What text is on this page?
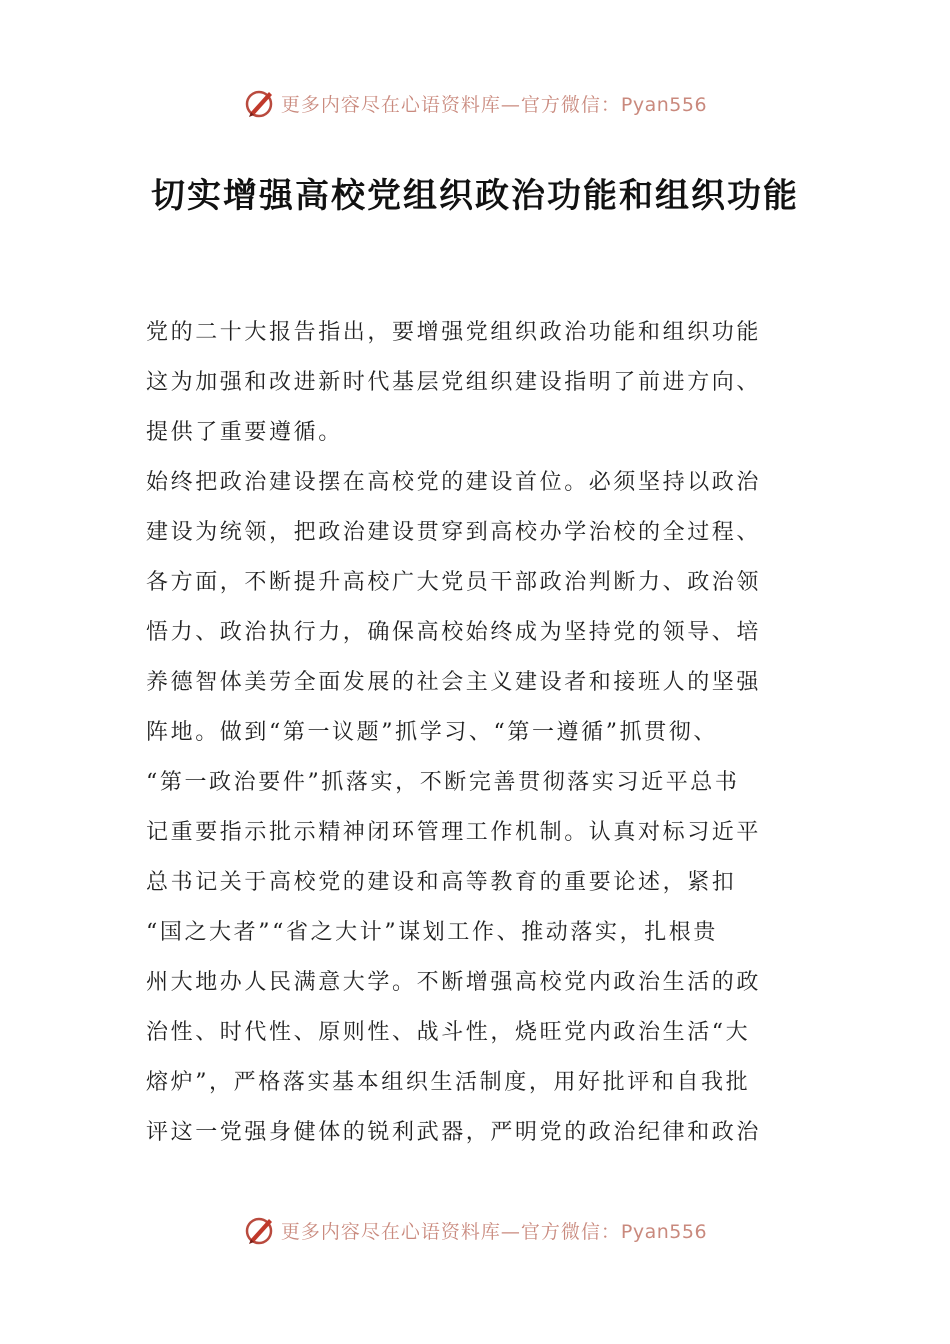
更多内容尽在心语资料库—官方微信：Pyan556
切实增强高校党组织政治功能和组织功能
党的二十大报告指出，要增强党组织政治功能和组织功能
这为加强和改进新时代基层党组织建设指明了前进方向、
提供了重要遵循。
始终把政治建设摆在高校党的建设首位。必须坚持以政治
建设为统领，把政治建设贯穿到高校办学治校的全过程、
各方面，不断提升高校广大党员干部政治判断力、政治领
悟力、政治执行力，确保高校始终成为坚持党的领导、培
养德智体美劳全面发展的社会主义建设者和接班人的坚强
阵地。做到“第一议题”抓学习、“第一遵循”抓贯彻、
“第一政治要件”抓落实，不断完善贯彻落实习近平总书
记重要指示批示精神闭环管理工作机制。认真对标习近平
总书记关于高校党的建设和高等教育的重要论述，紧扣
“国之大者”“省之大计”谋划工作、推动落实，扎根贵
州大地办人民满意大学。不断增强高校党内政治生活的政
治性、时代性、原则性、战斗性，烧旺党内政治生活“大
熔炉”，严格落实基本组织生活制度，用好批评和自我批
评这一党强身健体的锐利武器，严明党的政治纪律和政治
更多内容尽在心语资料库—官方微信：Pyan556
